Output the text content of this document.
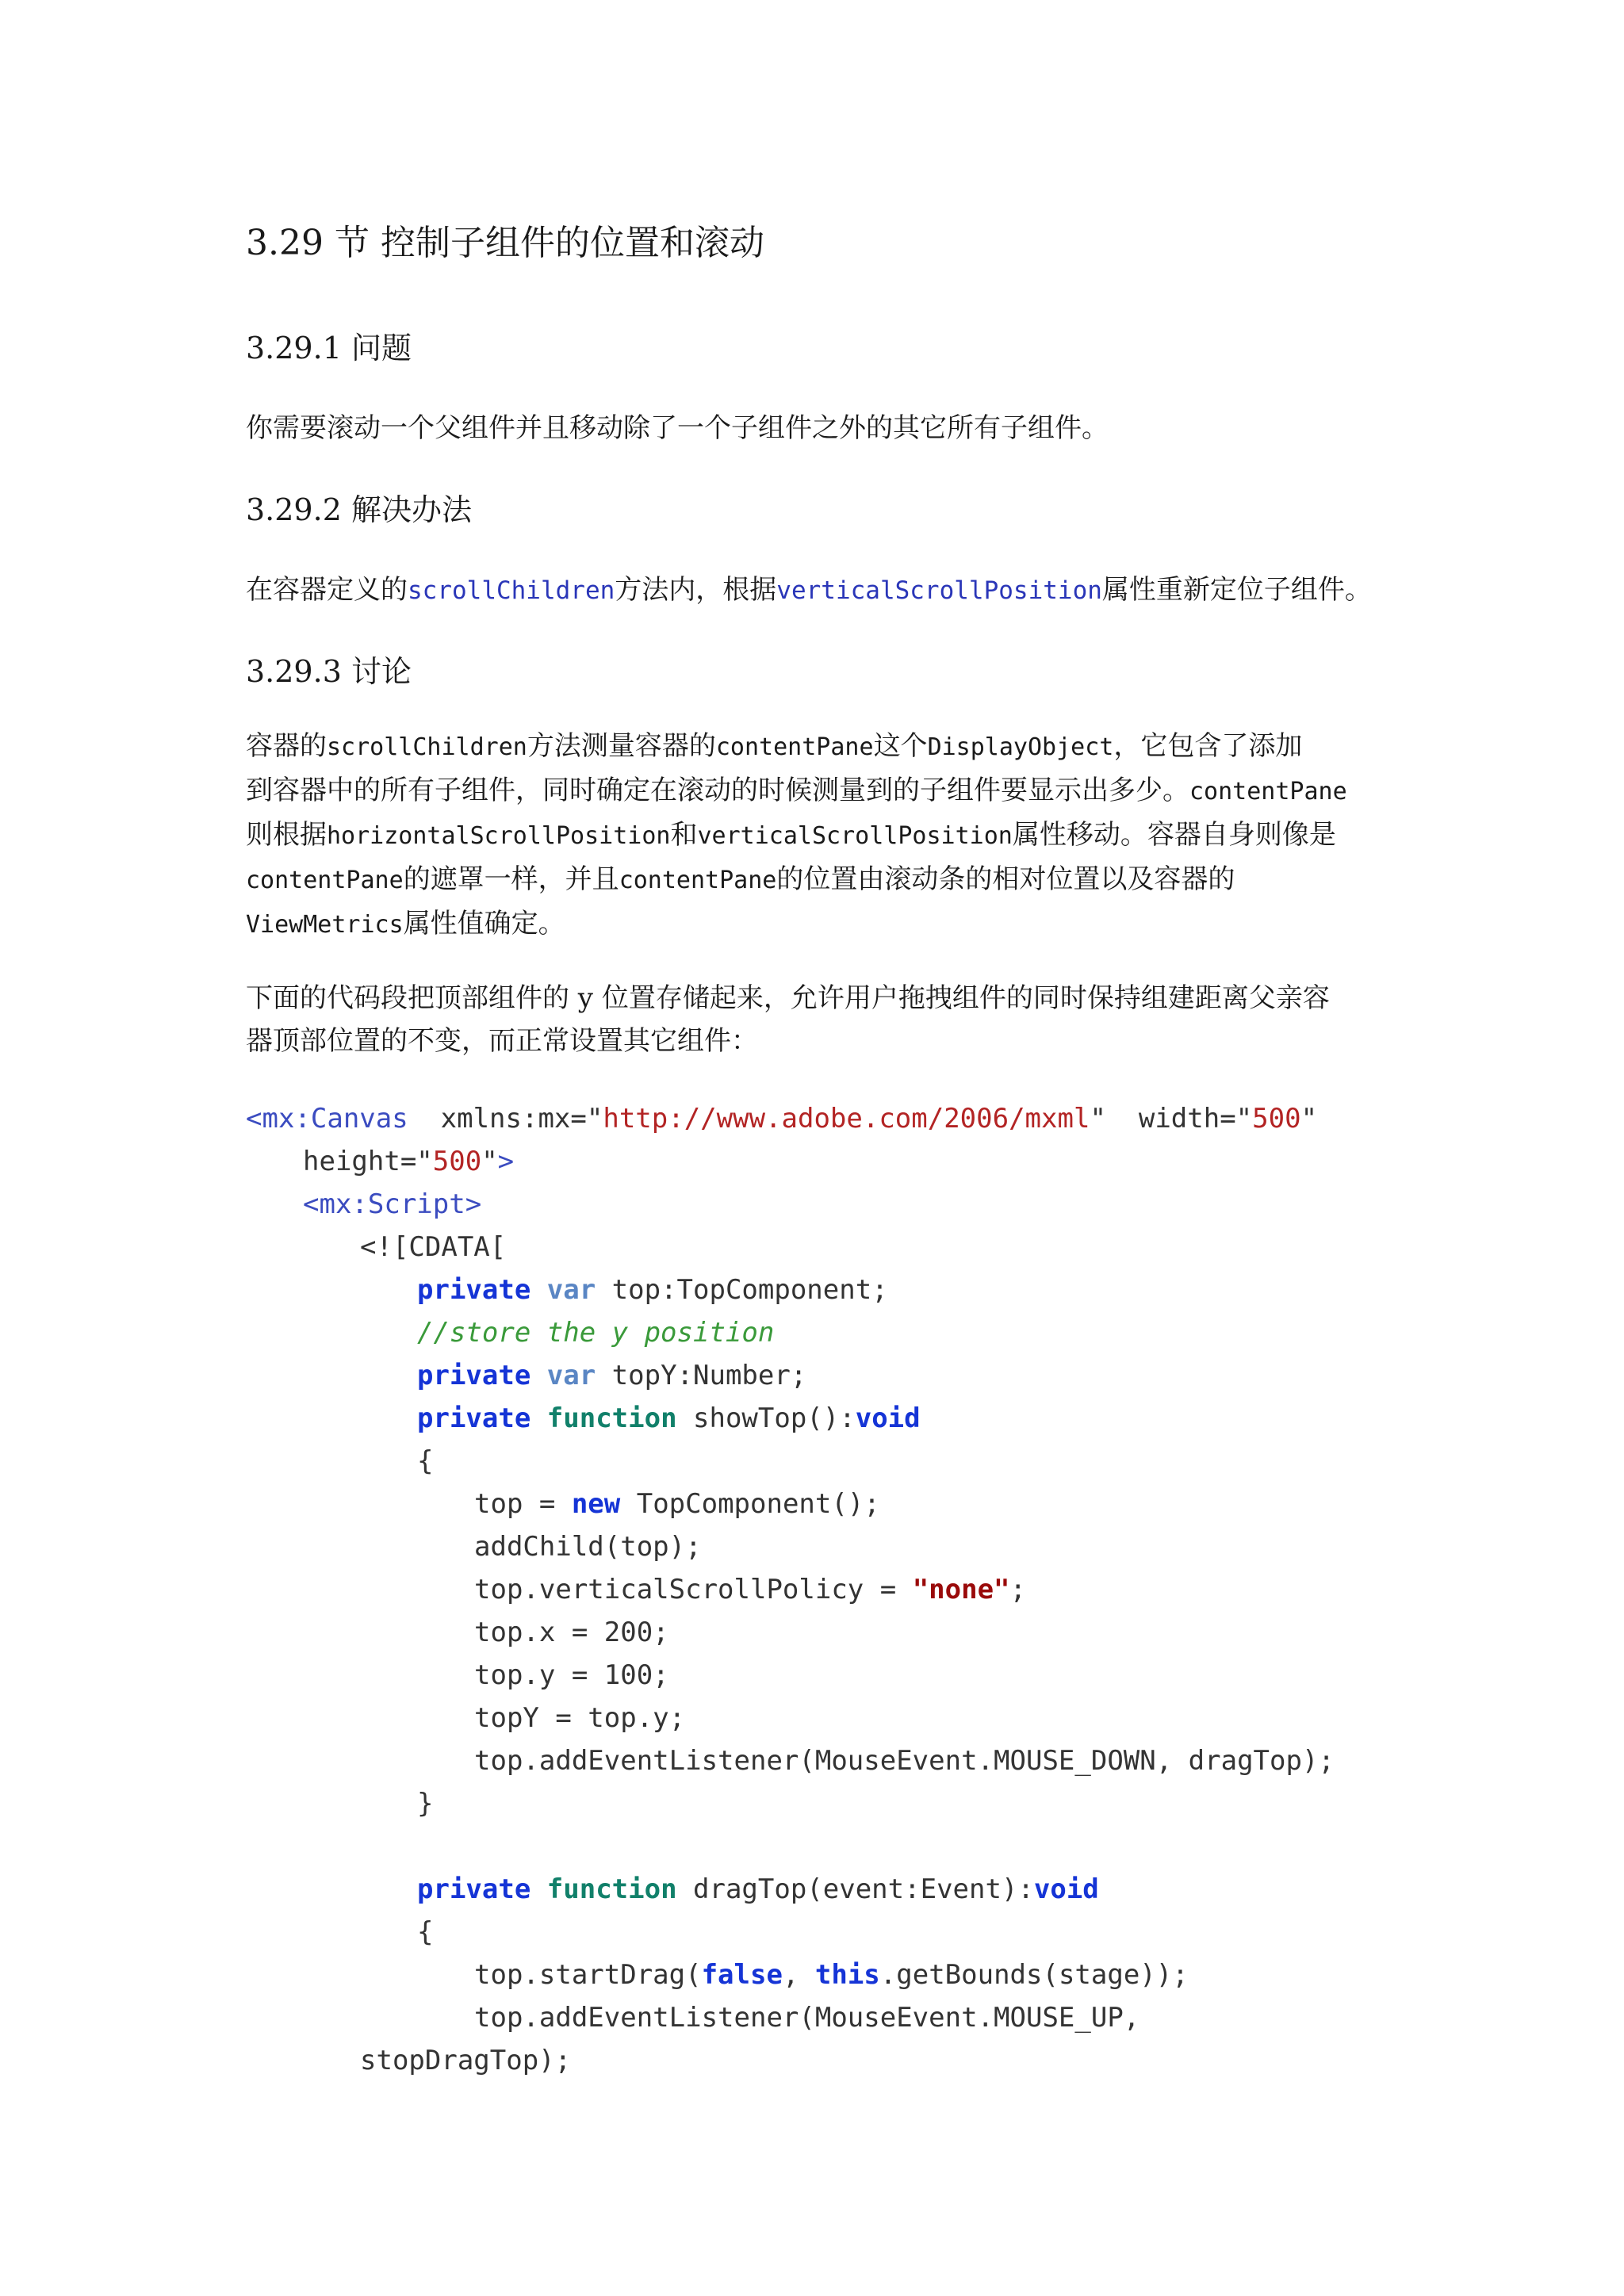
3.29 节 控制子组件的位置和滚动
3.29.1 问题
你需要滚动一个父组件并且移动除了一个子组件之外的其它所有子组件。
3.29.2 解决办法
在容器定义的scrollChildren方法内，根据verticalScrollPosition属性重新定位子组件。
3.29.3 讨论
容器的scrollChildren方法测量容器的contentPane这个DisplayObject，它包含了添加
到容器中的所有子组件，同时确定在滚动的时候测量到的子组件要显示出多少。contentPane
则根据horizontalScrollPosition和verticalScrollPosition属性移动。容器自身则像是
contentPane的遮罩一样，并且contentPane的位置由滚动条的相对位置以及容器的
ViewMetrics属性值确定。
下面的代码段把顶部组件的 y 位置存储起来，允许用户拖拽组件的同时保持组建距离父亲容
器顶部位置的不变，而正常设置其它组件：
<mx:Canvas  xmlns:mx="http://www.adobe.com/2006/mxml"  width="500"
height="500">
<mx:Script>
<![CDATA[
private var top:TopComponent;
//store the y position
private var topY:Number;
private function showTop():void
{
top = new TopComponent();
addChild(top);
top.verticalScrollPolicy = "none";
top.x = 200;
top.y = 100;
topY = top.y;
top.addEventListener(MouseEvent.MOUSE_DOWN, dragTop);
}
private function dragTop(event:Event):void
{
top.startDrag(false, this.getBounds(stage));
top.addEventListener(MouseEvent.MOUSE_UP,
stopDragTop);
